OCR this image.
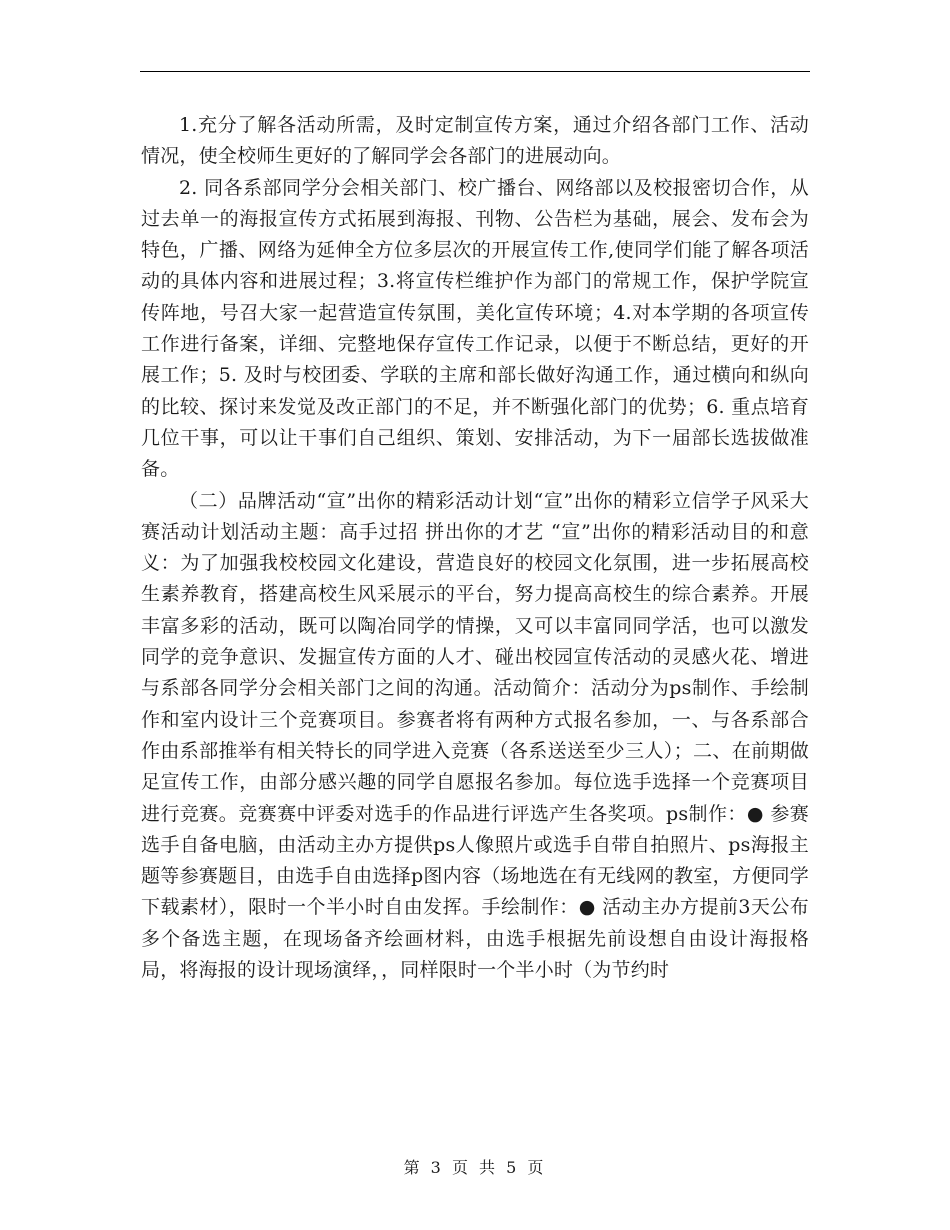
1.充分了解各活动所需，及时定制宣传方案，通过介绍各部门工作、活动情况，使全校师生更好的了解同学会各部门的进展动向。

2. 同各系部同学分会相关部门、校广播台、网络部以及校报密切合作，从过去单一的海报宣传方式拓展到海报、刊物、公告栏为基础，展会、发布会为特色，广播、网络为延伸全方位多层次的开展宣传工作,使同学们能了解各项活动的具体内容和进展过程；3.将宣传栏维护作为部门的常规工作，保护学院宣传阵地，号召大家一起营造宣传氛围，美化宣传环境；4.对本学期的各项宣传工作进行备案，详细、完整地保存宣传工作记录，以便于不断总结，更好的开展工作；5. 及时与校团委、学联的主席和部长做好沟通工作，通过横向和纵向的比较、探讨来发觉及改正部门的不足，并不断强化部门的优势；6. 重点培育几位干事，可以让干事们自己组织、策划、安排活动，为下一届部长选拔做准备。

（二）品牌活动“宣”出你的精彩活动计划“宣”出你的精彩立信学子风采大赛活动计划活动主题：高手过招 拼出你的才艺 “宣”出你的精彩活动目的和意义：为了加强我校校园文化建设，营造良好的校园文化氛围，进一步拓展高校生素养教育，搭建高校生风采展示的平台，努力提高高校生的综合素养。开展丰富多彩的活动，既可以陶冶同学的情操，又可以丰富同同学活，也可以激发同学的竞争意识、发掘宣传方面的人才、碰出校园宣传活动的灵感火花、增进与系部各同学分会相关部门之间的沟通。活动简介：活动分为ps制作、手绘制作和室内设计三个竞赛项目。参赛者将有两种方式报名参加，一、与各系部合作由系部推举有相关特长的同学进入竞赛（各系送送至少三人）；二、在前期做足宣传工作，由部分感兴趣的同学自愿报名参加。每位选手选择一个竞赛项目进行竞赛。竞赛赛中评委对选手的作品进行评选产生各奖项。ps制作：● 参赛选手自备电脑，由活动主办方提供ps人像照片或选手自带自拍照片、ps海报主题等参赛题目，由选手自由选择p图内容（场地选在有无线网的教室，方便同学下载素材），限时一个半小时自由发挥。手绘制作：● 活动主办方提前3天公布多个备选主题，在现场备齐绘画材料，由选手根据先前设想自由设计海报格局，将海报的设计现场演绎，，同样限时一个半小时（为节约时

第 3 页 共 5 页
